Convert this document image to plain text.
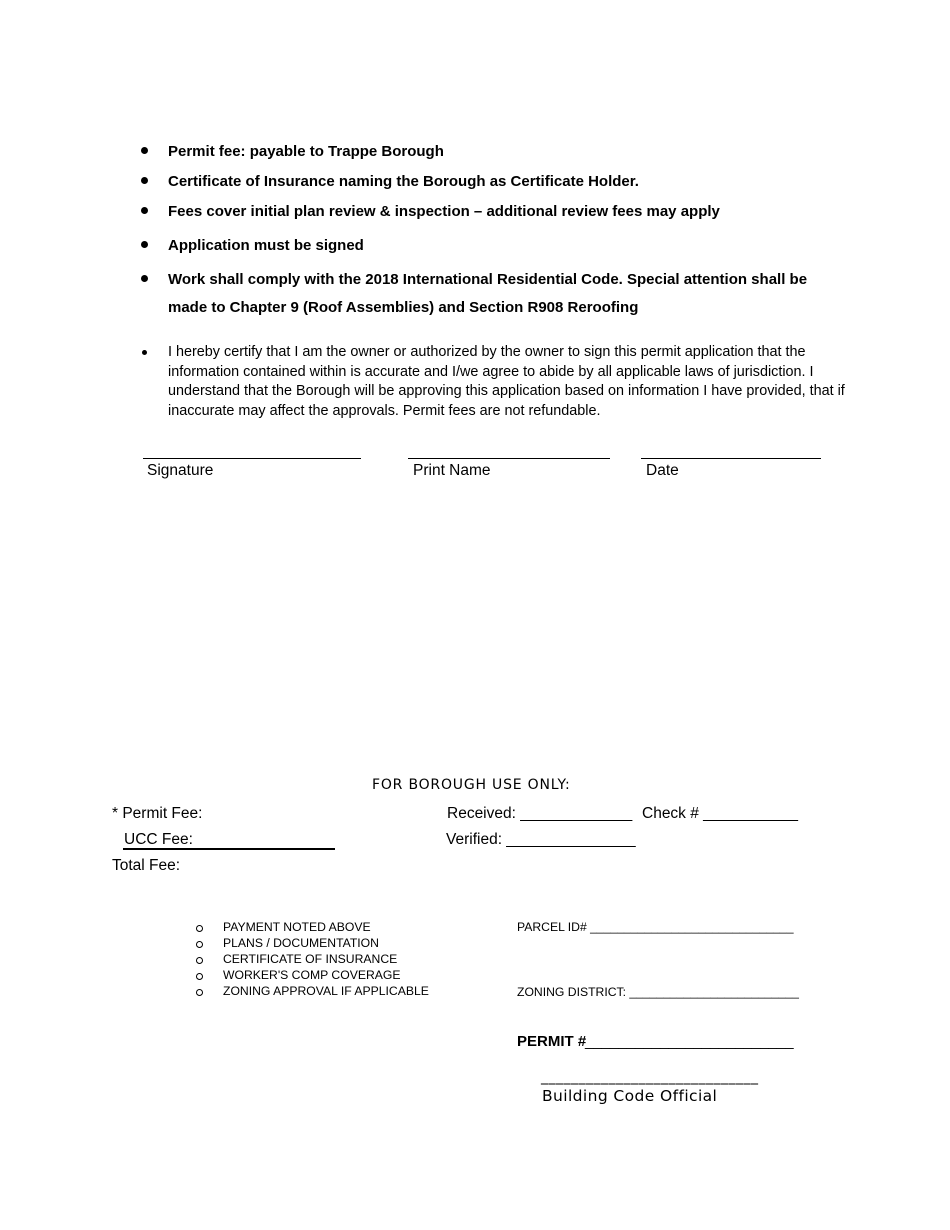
Permit fee: payable to Trappe Borough
Certificate of Insurance naming the Borough as Certificate Holder.
Fees cover initial plan review & inspection – additional review fees may apply
Application must be signed
Work shall comply with the 2018 International Residential Code. Special attention shall be
made to Chapter 9 (Roof Assemblies) and Section R908 Reroofing
I hereby certify that I am the owner or authorized by the owner to sign this permit application that the
information contained within is accurate and I/we agree to abide by all applicable laws of jurisdiction. I
understand that the Borough will be approving this application based on information I have provided, that if
inaccurate may affect the approvals. Permit fees are not refundable.
Signature	Print Name	Date
FOR BOROUGH USE ONLY:
* Permit Fee:	Received: _____________ Check # ___________
UCC Fee:	Verified: _______________
Total Fee:
PAYMENT NOTED ABOVE
PLANS / DOCUMENTATION
CERTIFICATE OF INSURANCE
WORKER'S COMP COVERAGE
ZONING APPROVAL IF APPLICABLE
PARCEL ID# ______________________________
ZONING DISTRICT: _________________________
PERMIT #
_________________________
_____________________________
Building Code Official
